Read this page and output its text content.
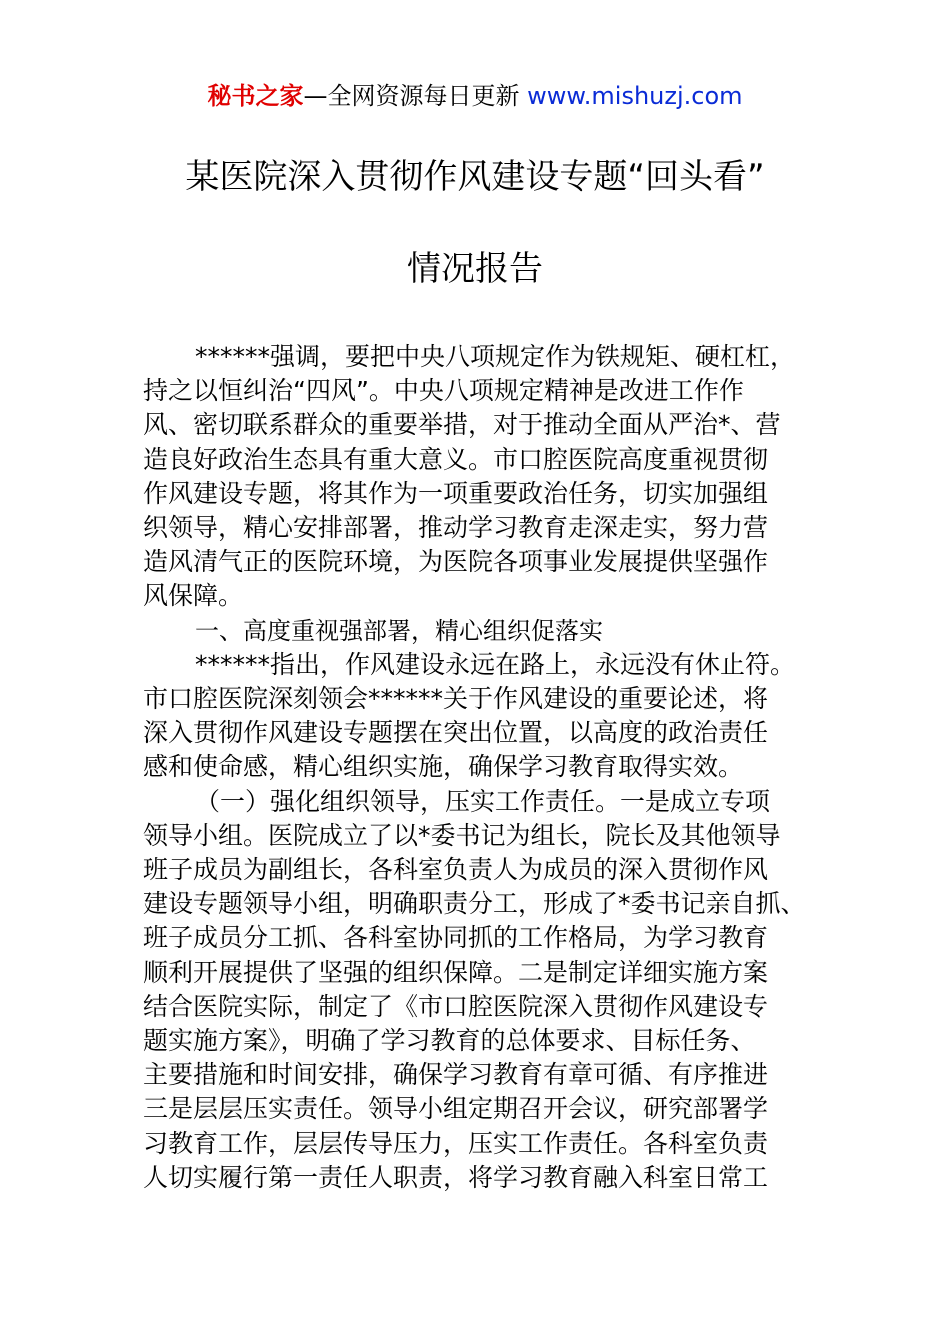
秘书之家—全网资源每日更新 www.mishuzj.com
某医院深入贯彻作风建设专题“回头看”
情况报告

******强调，要把中央八项规定作为铁规矩、硬杠杠，

持之以恒纠治“四风”。中央八项规定精神是改进工作作

风、密切联系群众的重要举措，对于推动全面从严治*、营

造良好政治生态具有重大意义。市口腔医院高度重视贯彻

作风建设专题，将其作为一项重要政治任务，切实加强组

织领导，精心安排部署，推动学习教育走深走实，努力营

造风清气正的医院环境，为医院各项事业发展提供坚强作

风保障。

一、高度重视强部署，精心组织促落实

******指出，作风建设永远在路上，永远没有休止符。

市口腔医院深刻领会******关于作风建设的重要论述，将

深入贯彻作风建设专题摆在突出位置，以高度的政治责任

感和使命感，精心组织实施，确保学习教育取得实效。

（一）强化组织领导，压实工作责任。一是成立专项

领导小组。医院成立了以*委书记为组长，院长及其他领导

班子成员为副组长，各科室负责人为成员的深入贯彻作风

建设专题领导小组，明确职责分工，形成了*委书记亲自抓、

班子成员分工抓、各科室协同抓的工作格局，为学习教育

顺利开展提供了坚强的组织保障。二是制定详细实施方案

结合医院实际，制定了《市口腔医院深入贯彻作风建设专

题实施方案》，明确了学习教育的总体要求、目标任务、

主要措施和时间安排，确保学习教育有章可循、有序推进

三是层层压实责任。领导小组定期召开会议，研究部署学

习教育工作，层层传导压力，压实工作责任。各科室负责

人切实履行第一责任人职责，将学习教育融入科室日常工
